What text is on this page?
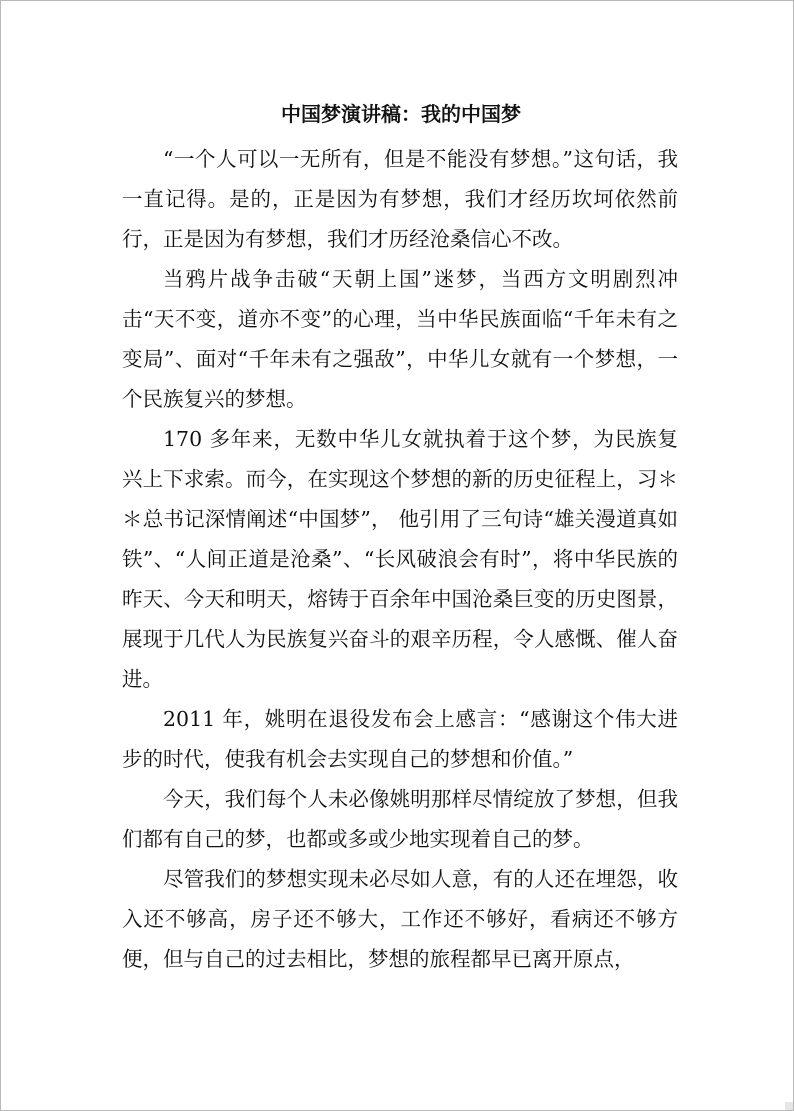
中国梦演讲稿：我的中国梦

“一个人可以一无所有，但是不能没有梦想。”这句话，我一直记得。是的，正是因为有梦想，我们才经历坎坷依然前行，正是因为有梦想，我们才历经沧桑信心不改。

当鸦片战争击破“天朝上国”迷梦，当西方文明剧烈冲击“天不变，道亦不变”的心理，当中华民族面临“千年未有之变局”、面对“千年未有之强敌”，中华儿女就有一个梦想，一个民族复兴的梦想。

170 多年来，无数中华儿女就执着于这个梦，为民族复兴上下求索。而今，在实现这个梦想的新的历史征程上，习＊＊总书记深情阐述“中国梦”， 他引用了三句诗“雄关漫道真如铁”、“人间正道是沧桑”、“长风破浪会有时”，将中华民族的昨天、今天和明天，熔铸于百余年中国沧桑巨变的历史图景，展现于几代人为民族复兴奋斗的艰辛历程，令人感慨、催人奋进。

2011 年，姚明在退役发布会上感言：“感谢这个伟大进步的时代，使我有机会去实现自己的梦想和价值。”

今天，我们每个人未必像姚明那样尽情绽放了梦想，但我们都有自己的梦，也都或多或少地实现着自己的梦。

尽管我们的梦想实现未必尽如人意，有的人还在埋怨，收入还不够高，房子还不够大，工作还不够好，看病还不够方便，但与自己的过去相比，梦想的旅程都早已离开原点，
